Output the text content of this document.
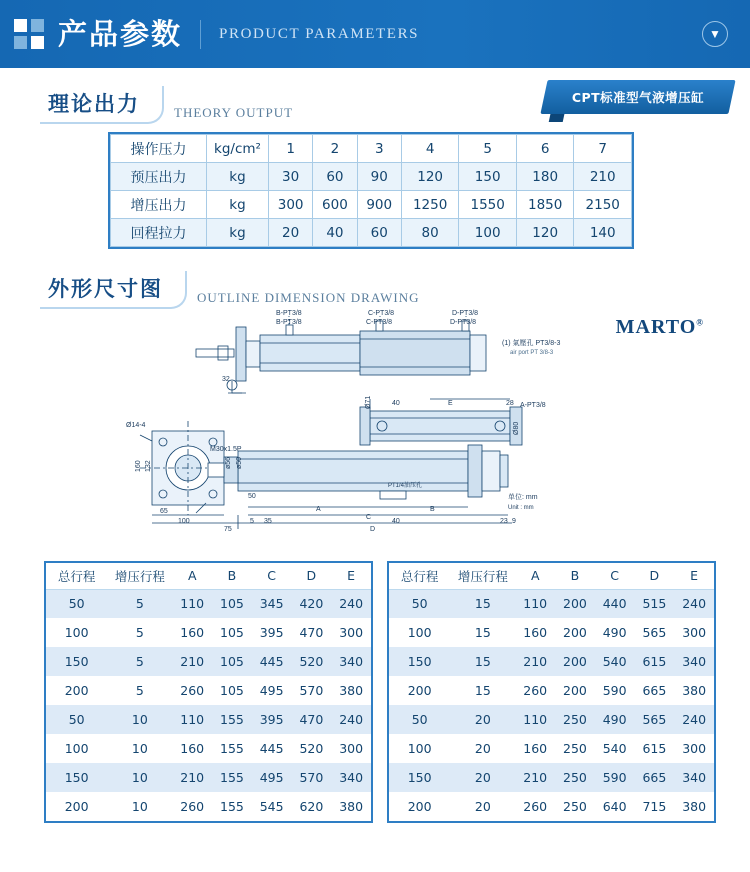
产品参数	PRODUCT PARAMETERS	▼
CPT标准型气液增压缸
理论出力	THEORY OUTPUT
操作压力	kg/cm²	1	2	3	4	5	6	7
预压出力	kg	30	60	90	120	150	180	210
增压出力	kg	300	600	900	1250	1550	1850	2150
回程拉力	kg	20	40	60	80	100	120	140
外形尺寸图	OUTLINE DIMENSION DRAWING
MARTO®
B-PT3/8	C-PT3/8	D-PT3/8
B-PT3/8	C-PT3/8	D-PT3/8
(1) 氣壓孔 PT3/8-3
air port PT 3/8-3
A-PT3/8
PT1/4油压孔
单位: mm
Unit : mm
Ø14-4
M30x1.5P
Ø71
Ø80
160 132	ø56 ø50
65
100
75
50
5 35
40	E
40
28
23 9
32
A	B
C
D
总行程	增压行程	A	B	C	D	E
50	5	110	105	345	420	240
100	5	160	105	395	470	300
150	5	210	105	445	520	340
200	5	260	105	495	570	380
50	10	110	155	395	470	240
100	10	160	155	445	520	300
150	10	210	155	495	570	340
200	10	260	155	545	620	380
总行程	增压行程	A	B	C	D	E
50	15	110	200	440	515	240
100	15	160	200	490	565	300
150	15	210	200	540	615	340
200	15	260	200	590	665	380
50	20	110	250	490	565	240
100	20	160	250	540	615	300
150	20	210	250	590	665	340
200	20	260	250	640	715	380
